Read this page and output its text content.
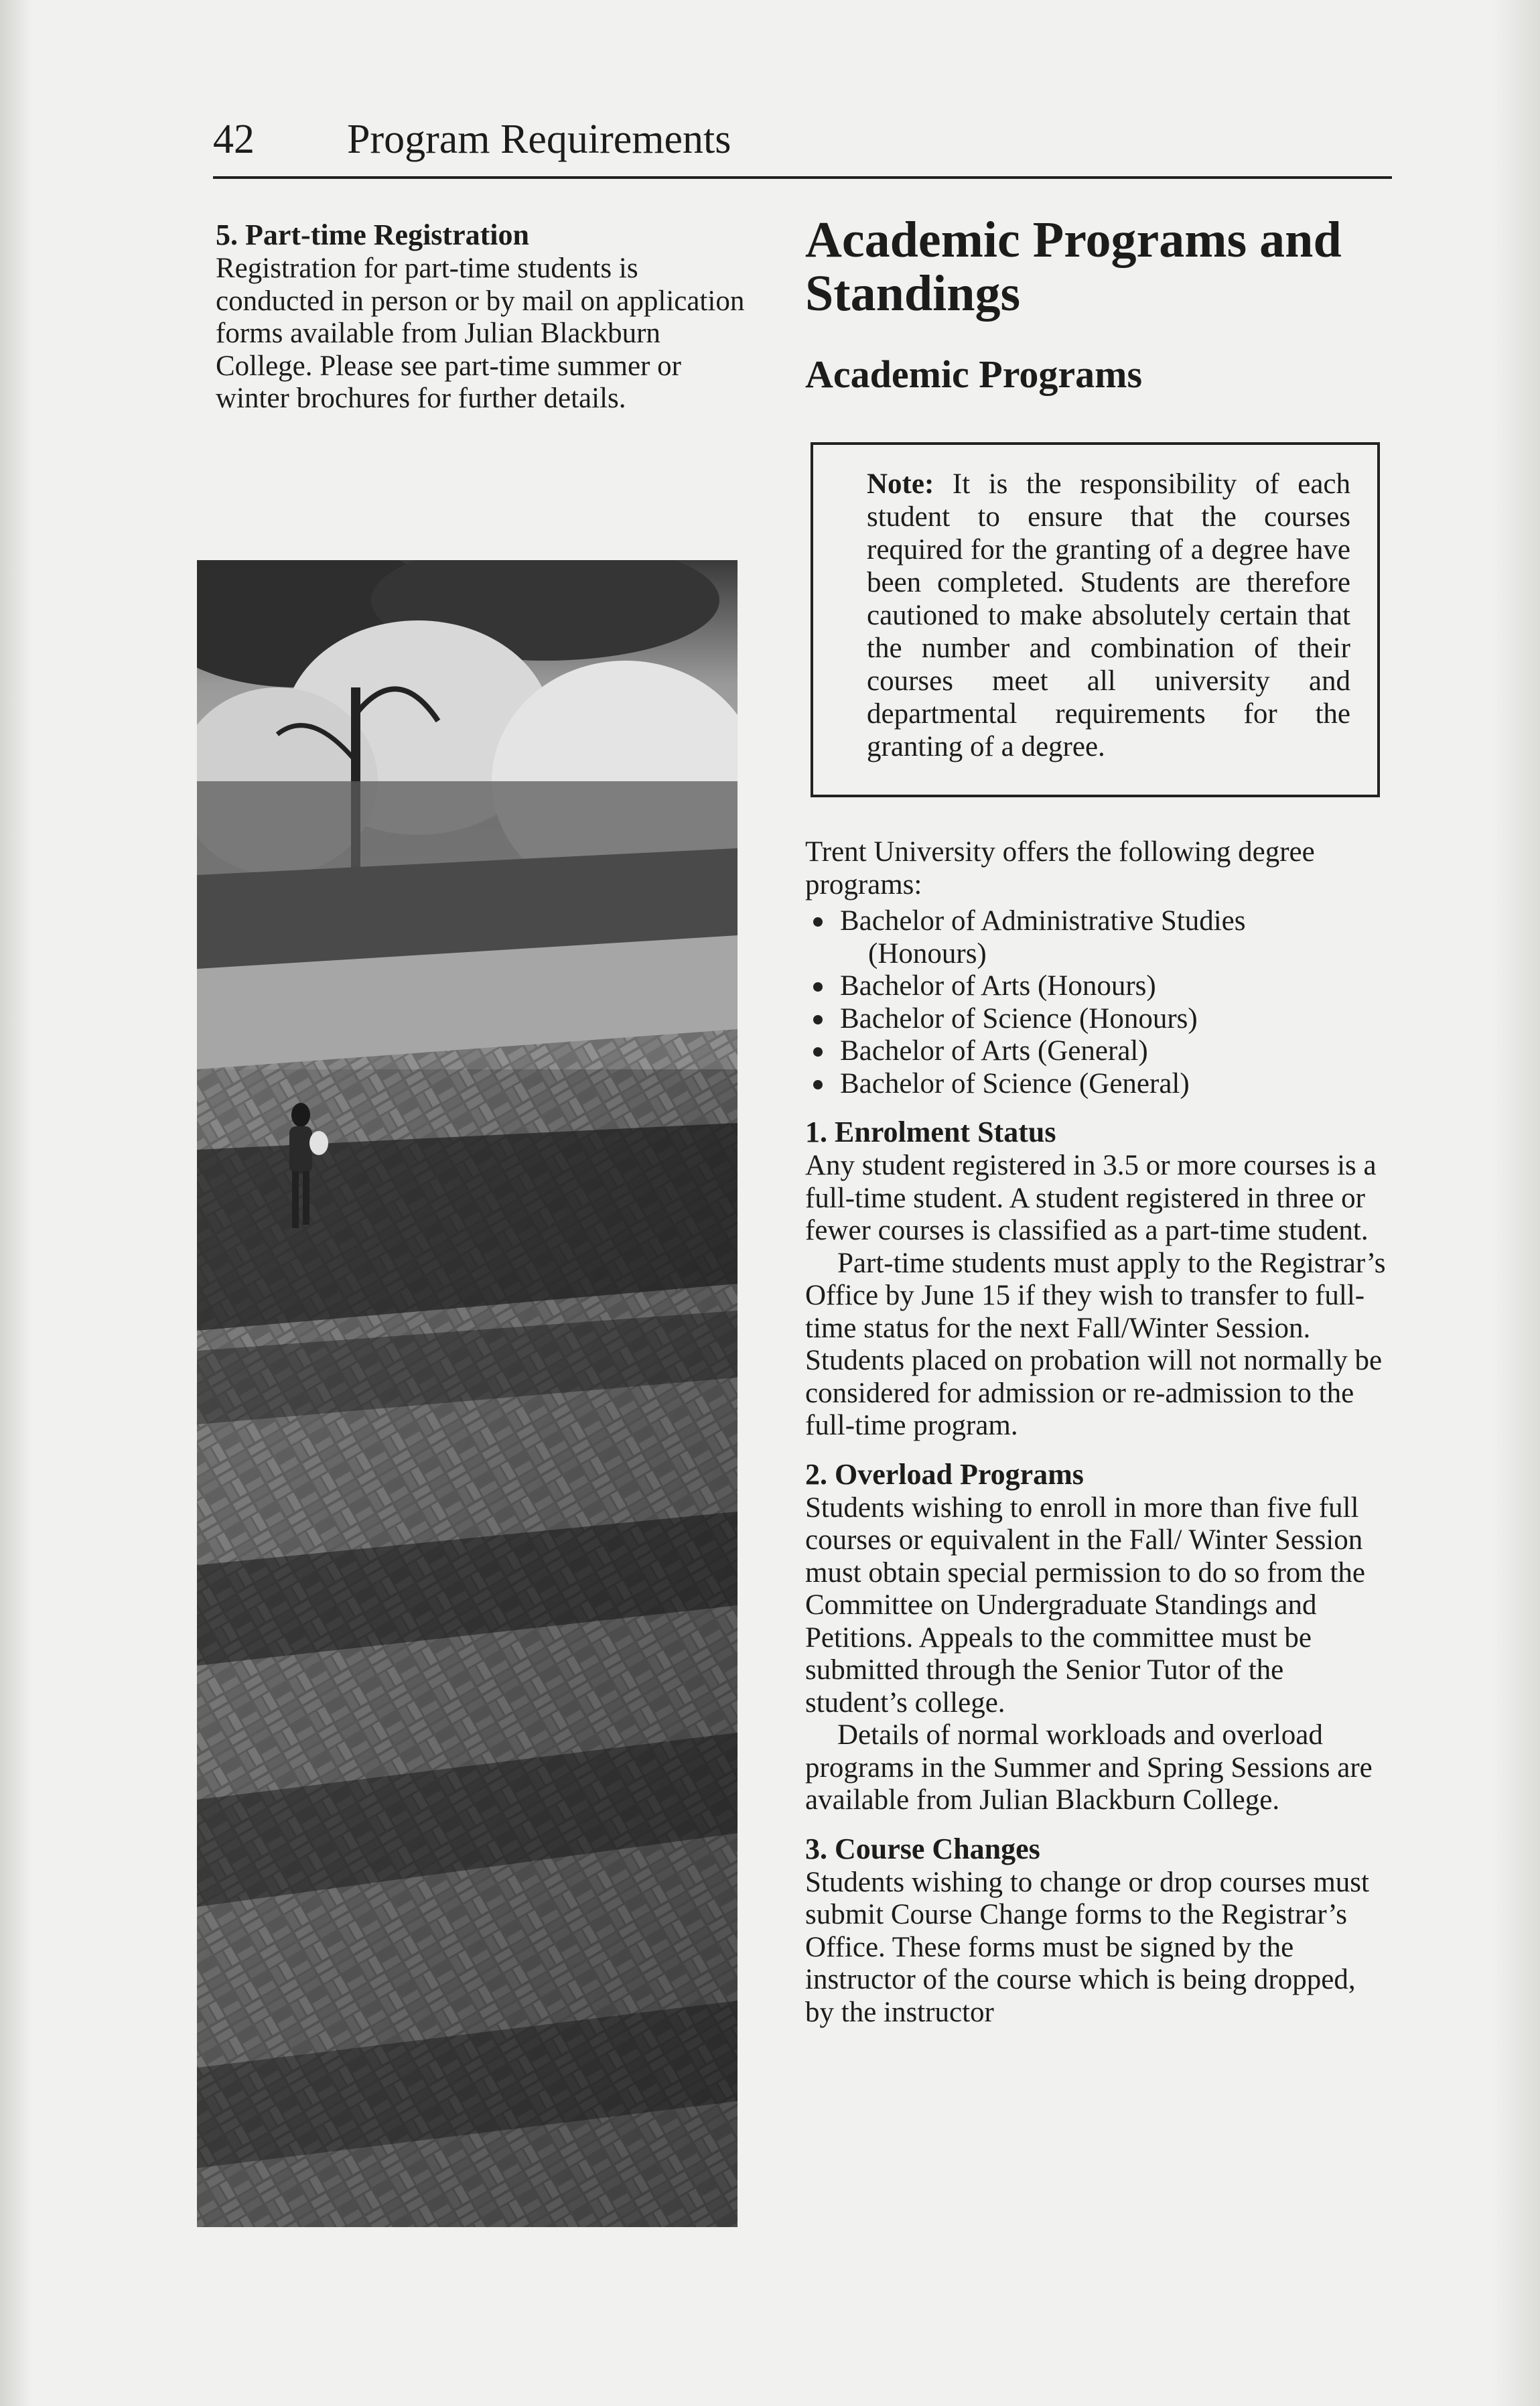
42 Program Requirements
5. Part-time Registration

Registration for part-time students is conducted in person or by mail on application forms available from Julian Blackburn College. Please see part-time summer or winter brochures for further details.

Academic Programs and Standings
Academic Programs

Note: It is the responsibility of each student to ensure that the courses required for the granting of a degree have been completed. Students are therefore cautioned to make absolutely certain that the number and combination of their courses meet all university and departmental requirements for the granting of a degree.

Trent University offers the following degree programs:

Bachelor of Administrative Studies
(Honours)
Bachelor of Arts (Honours)
Bachelor of Science (Honours)
Bachelor of Arts (General)
Bachelor of Science (General)
1. Enrolment Status

Any student registered in 3.5 or more courses is a full-time student. A student registered in three or fewer courses is classified as a part-time student.

Part-time students must apply to the Registrar’s Office by June 15 if they wish to transfer to full-time status for the next Fall/Winter Session. Students placed on probation will not normally be considered for admission or re-admission to the full-time program.

2. Overload Programs

Students wishing to enroll in more than five full courses or equivalent in the Fall/ Winter Session must obtain special permission to do so from the Committee on Undergraduate Standings and Petitions. Appeals to the committee must be submitted through the Senior Tutor of the student’s college.

Details of normal workloads and overload programs in the Summer and Spring Sessions are available from Julian Blackburn College.

3. Course Changes

Students wishing to change or drop courses must submit Course Change forms to the Registrar’s Office. These forms must be signed by the instructor of the course which is being dropped, by the instructor
